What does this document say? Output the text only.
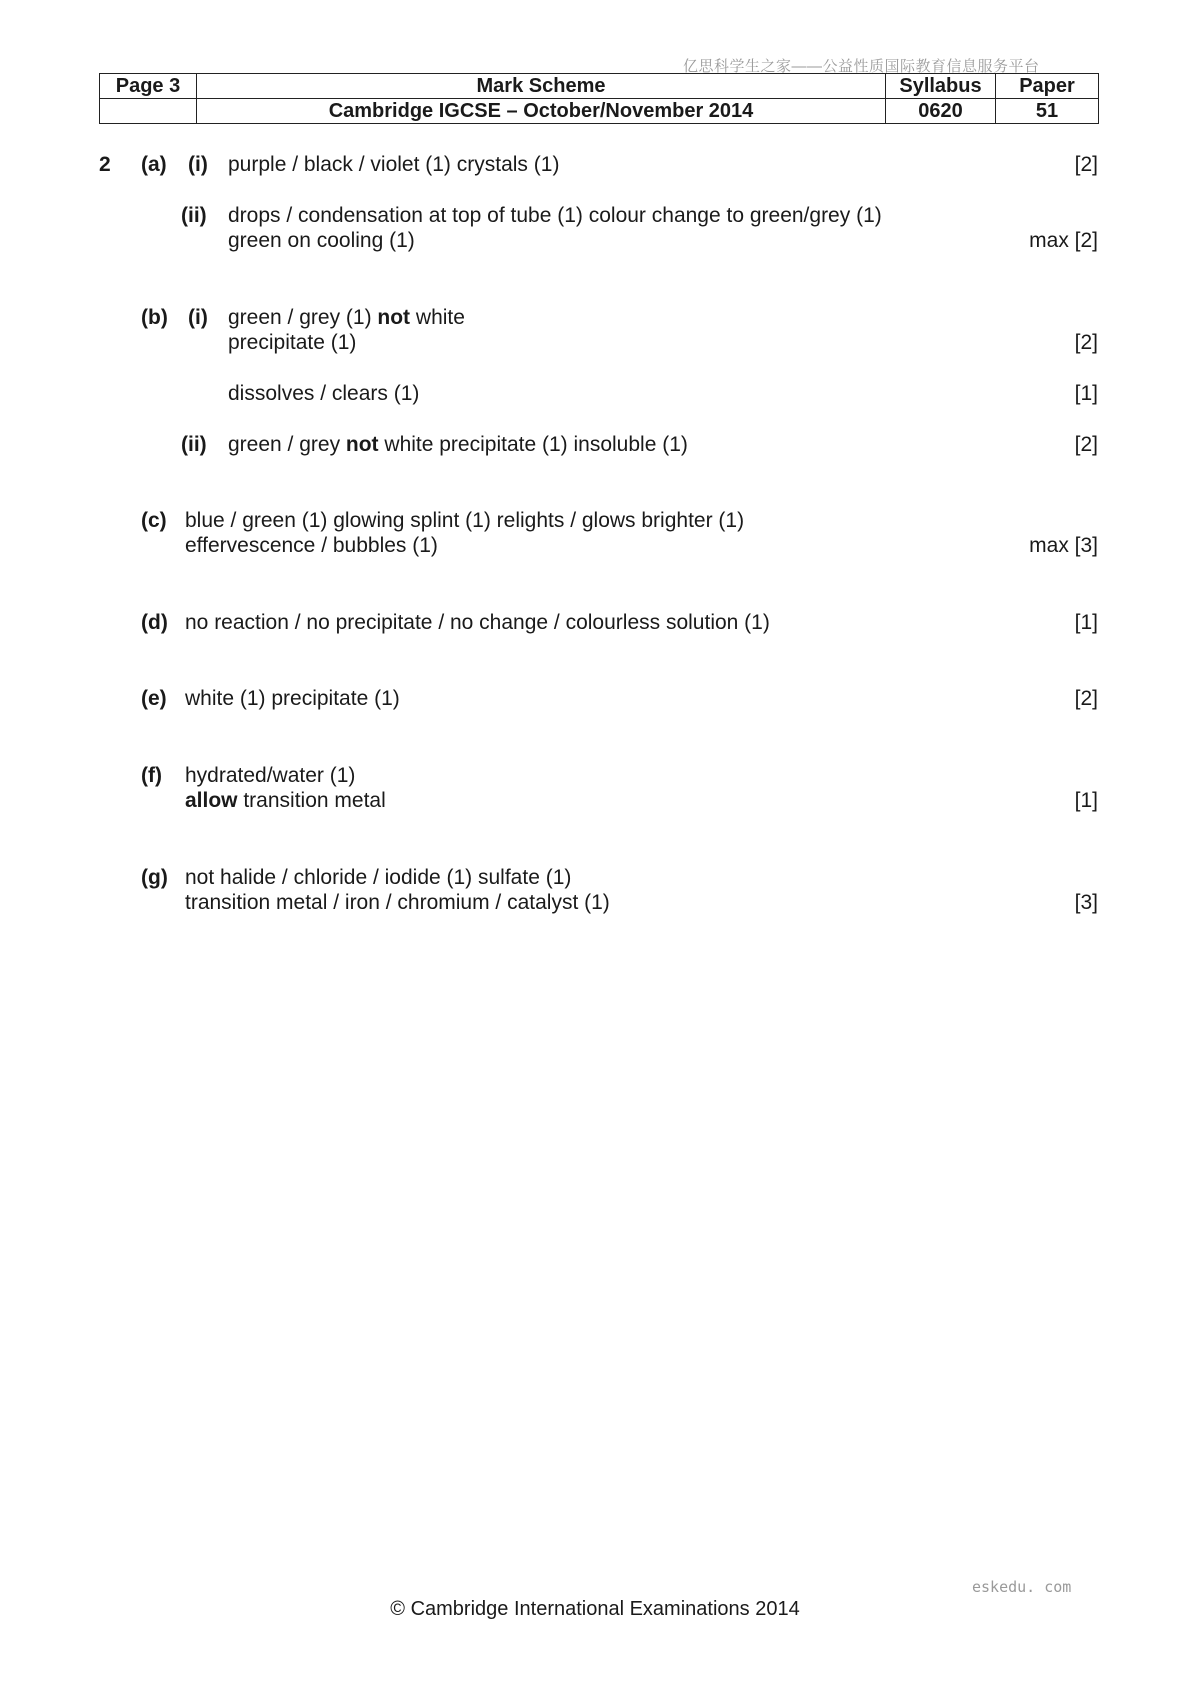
亿思科学生之家——公益性质国际教育信息服务平台
Page 3	Mark Scheme	Syllabus	Paper
	Cambridge IGCSE – October/November 2014	0620	51
2 (a) (i) purple / black / violet (1) crystals (1)	[2]
(ii) drops / condensation at top of tube (1) colour change to green/grey (1)
green on cooling (1)	max [2]
(b) (i) green / grey (1) not white
precipitate (1)	[2]
dissolves / clears (1)	[1]
(ii) green / grey not white precipitate (1) insoluble (1)	[2]
(c) blue / green (1) glowing splint (1) relights / glows brighter (1)
effervescence / bubbles (1)	max [3]
(d) no reaction / no precipitate / no change / colourless solution (1)	[1]
(e) white (1) precipitate (1)	[2]
(f) hydrated/water (1)
allow transition metal	[1]
(g) not halide / chloride / iodide (1) sulfate (1)
transition metal / iron / chromium / catalyst (1)	[3]
eskedu. com
© Cambridge International Examinations 2014
